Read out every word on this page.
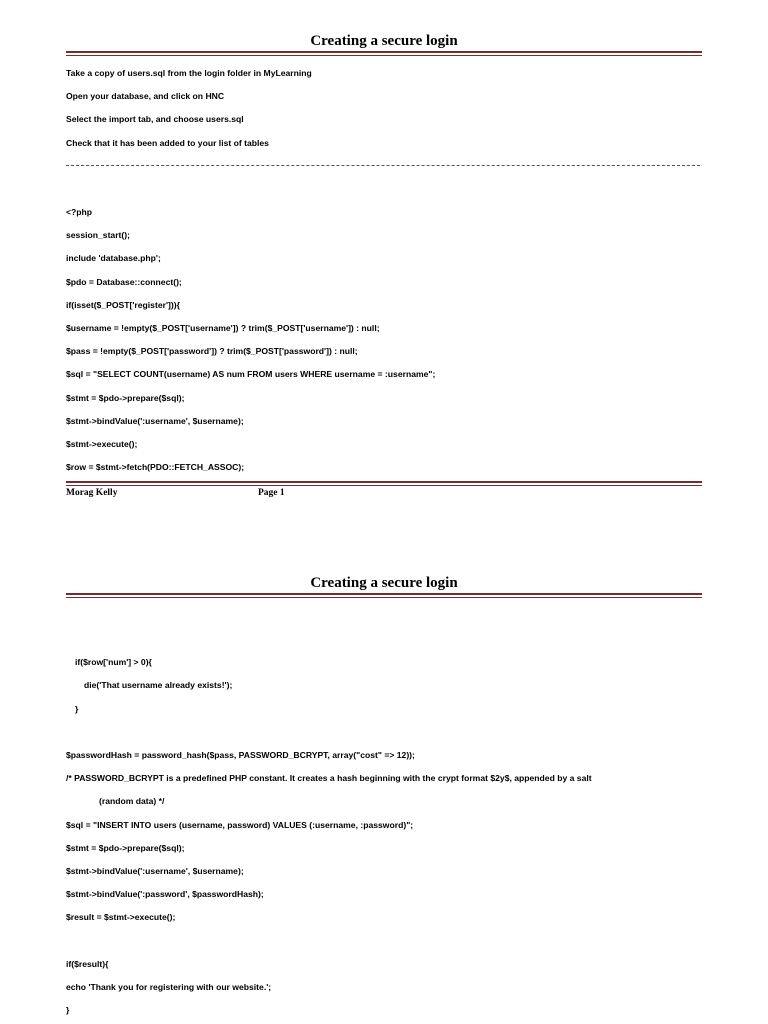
Creating a secure login
Take a copy of users.sql from the login folder in MyLearning
Open your database, and click on HNC
Select the import tab, and choose users.sql
Check that it has been added to your list of tables
<?php
session_start();
include 'database.php';
$pdo = Database::connect();
if(isset($_POST['register'])){
$username = !empty($_POST['username']) ? trim($_POST['username']) : null;
$pass = !empty($_POST['password']) ? trim($_POST['password']) : null;
$sql = "SELECT COUNT(username) AS num FROM users WHERE username = :username";
$stmt = $pdo->prepare($sql);
$stmt->bindValue(':username', $username);
$stmt->execute();
$row = $stmt->fetch(PDO::FETCH_ASSOC);
Morag Kelly	Page 1
Creating a secure login
if($row['num'] > 0){
die('That username already exists!');
}
$passwordHash = password_hash($pass, PASSWORD_BCRYPT, array("cost" => 12));
/* PASSWORD_BCRYPT is a predefined PHP constant. It creates a hash beginning with the crypt format $2y$, appended by a salt
(random data) */
$sql = "INSERT INTO users (username, password) VALUES (:username, :password)";
$stmt = $pdo->prepare($sql);
$stmt->bindValue(':username', $username);
$stmt->bindValue(':password', $passwordHash);
$result = $stmt->execute();
if($result){
echo 'Thank you for registering with our website.';
}
